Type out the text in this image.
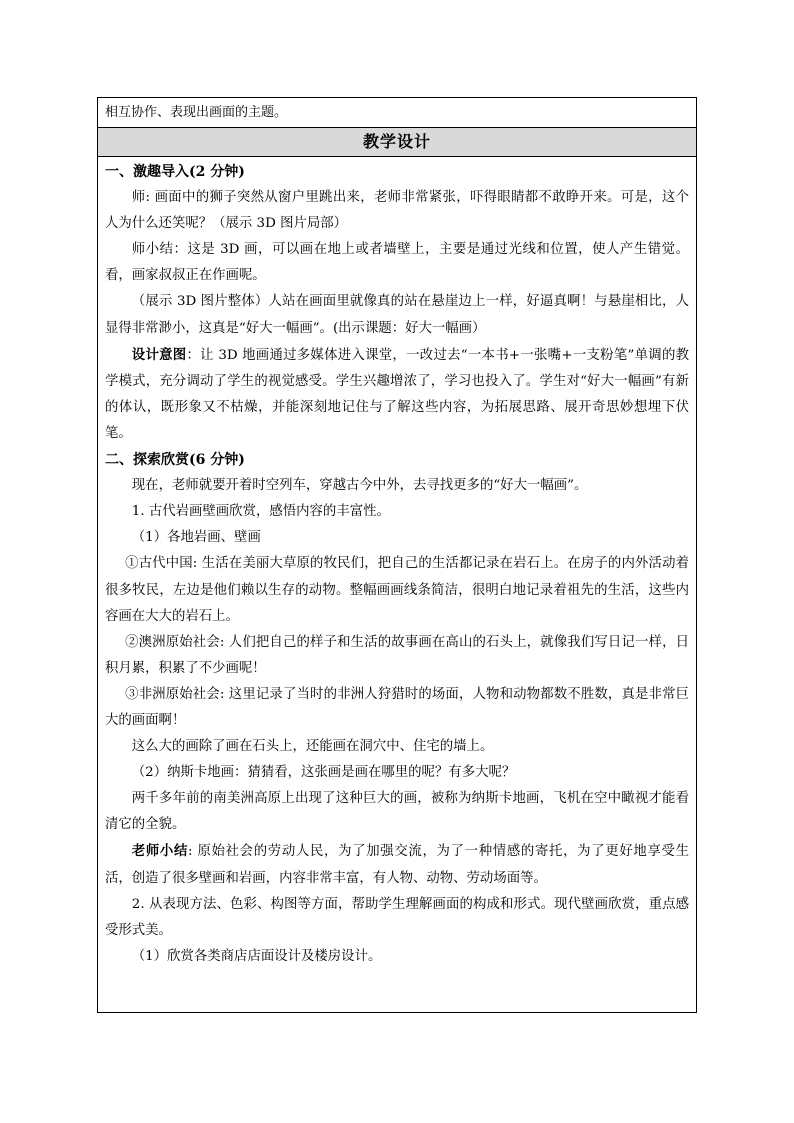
相互协作、表现出画面的主题。
教学设计

一、激趣导入(2 分钟)

师: 画面中的狮子突然从窗户里跳出来，老师非常紧张，吓得眼睛都不敢睁开来。可是，这个人为什么还笑呢？（展示 3D 图片局部）

师小结：这是 3D 画，可以画在地上或者墙壁上，主要是通过光线和位置，使人产生错觉。看，画家叔叔正在作画呢。

（展示 3D 图片整体）人站在画面里就像真的站在悬崖边上一样，好逼真啊！与悬崖相比，人显得非常渺小，这真是“好大一幅画”。(出示课题：好大一幅画）

设计意图：让 3D 地画通过多媒体进入课堂，一改过去“一本书+一张嘴+一支粉笔”单调的教学模式，充分调动了学生的视觉感受。学生兴趣增浓了，学习也投入了。学生对“好大一幅画”有新的体认，既形象又不枯燥，并能深刻地记住与了解这些内容，为拓展思路、展开奇思妙想埋下伏笔。

二、探索欣赏(6 分钟)

现在，老师就要开着时空列车，穿越古今中外，去寻找更多的“好大一幅画”。

1. 古代岩画壁画欣赏，感悟内容的丰富性。

（1）各地岩画、壁画

①古代中国: 生活在美丽大草原的牧民们，把自己的生活都记录在岩石上。在房子的内外活动着很多牧民，左边是他们赖以生存的动物。整幅画画线条简洁，很明白地记录着祖先的生活，这些内容画在大大的岩石上。

②澳洲原始社会: 人们把自己的样子和生活的故事画在高山的石头上，就像我们写日记一样，日积月累，积累了不少画呢！

③非洲原始社会: 这里记录了当时的非洲人狩猎时的场面，人物和动物都数不胜数，真是非常巨大的画面啊！

这么大的画除了画在石头上，还能画在洞穴中、住宅的墙上。

（2）纳斯卡地画：猜猜看，这张画是画在哪里的呢？有多大呢？

两千多年前的南美洲高原上出现了这种巨大的画，被称为纳斯卡地画，飞机在空中瞰视才能看清它的全貌。

老师小结: 原始社会的劳动人民，为了加强交流，为了一种情感的寄托，为了更好地享受生活，创造了很多壁画和岩画，内容非常丰富，有人物、动物、劳动场面等。

2. 从表现方法、色彩、构图等方面，帮助学生理解画面的构成和形式。现代壁画欣赏，重点感受形式美。

（1）欣赏各类商店店面设计及楼房设计。
